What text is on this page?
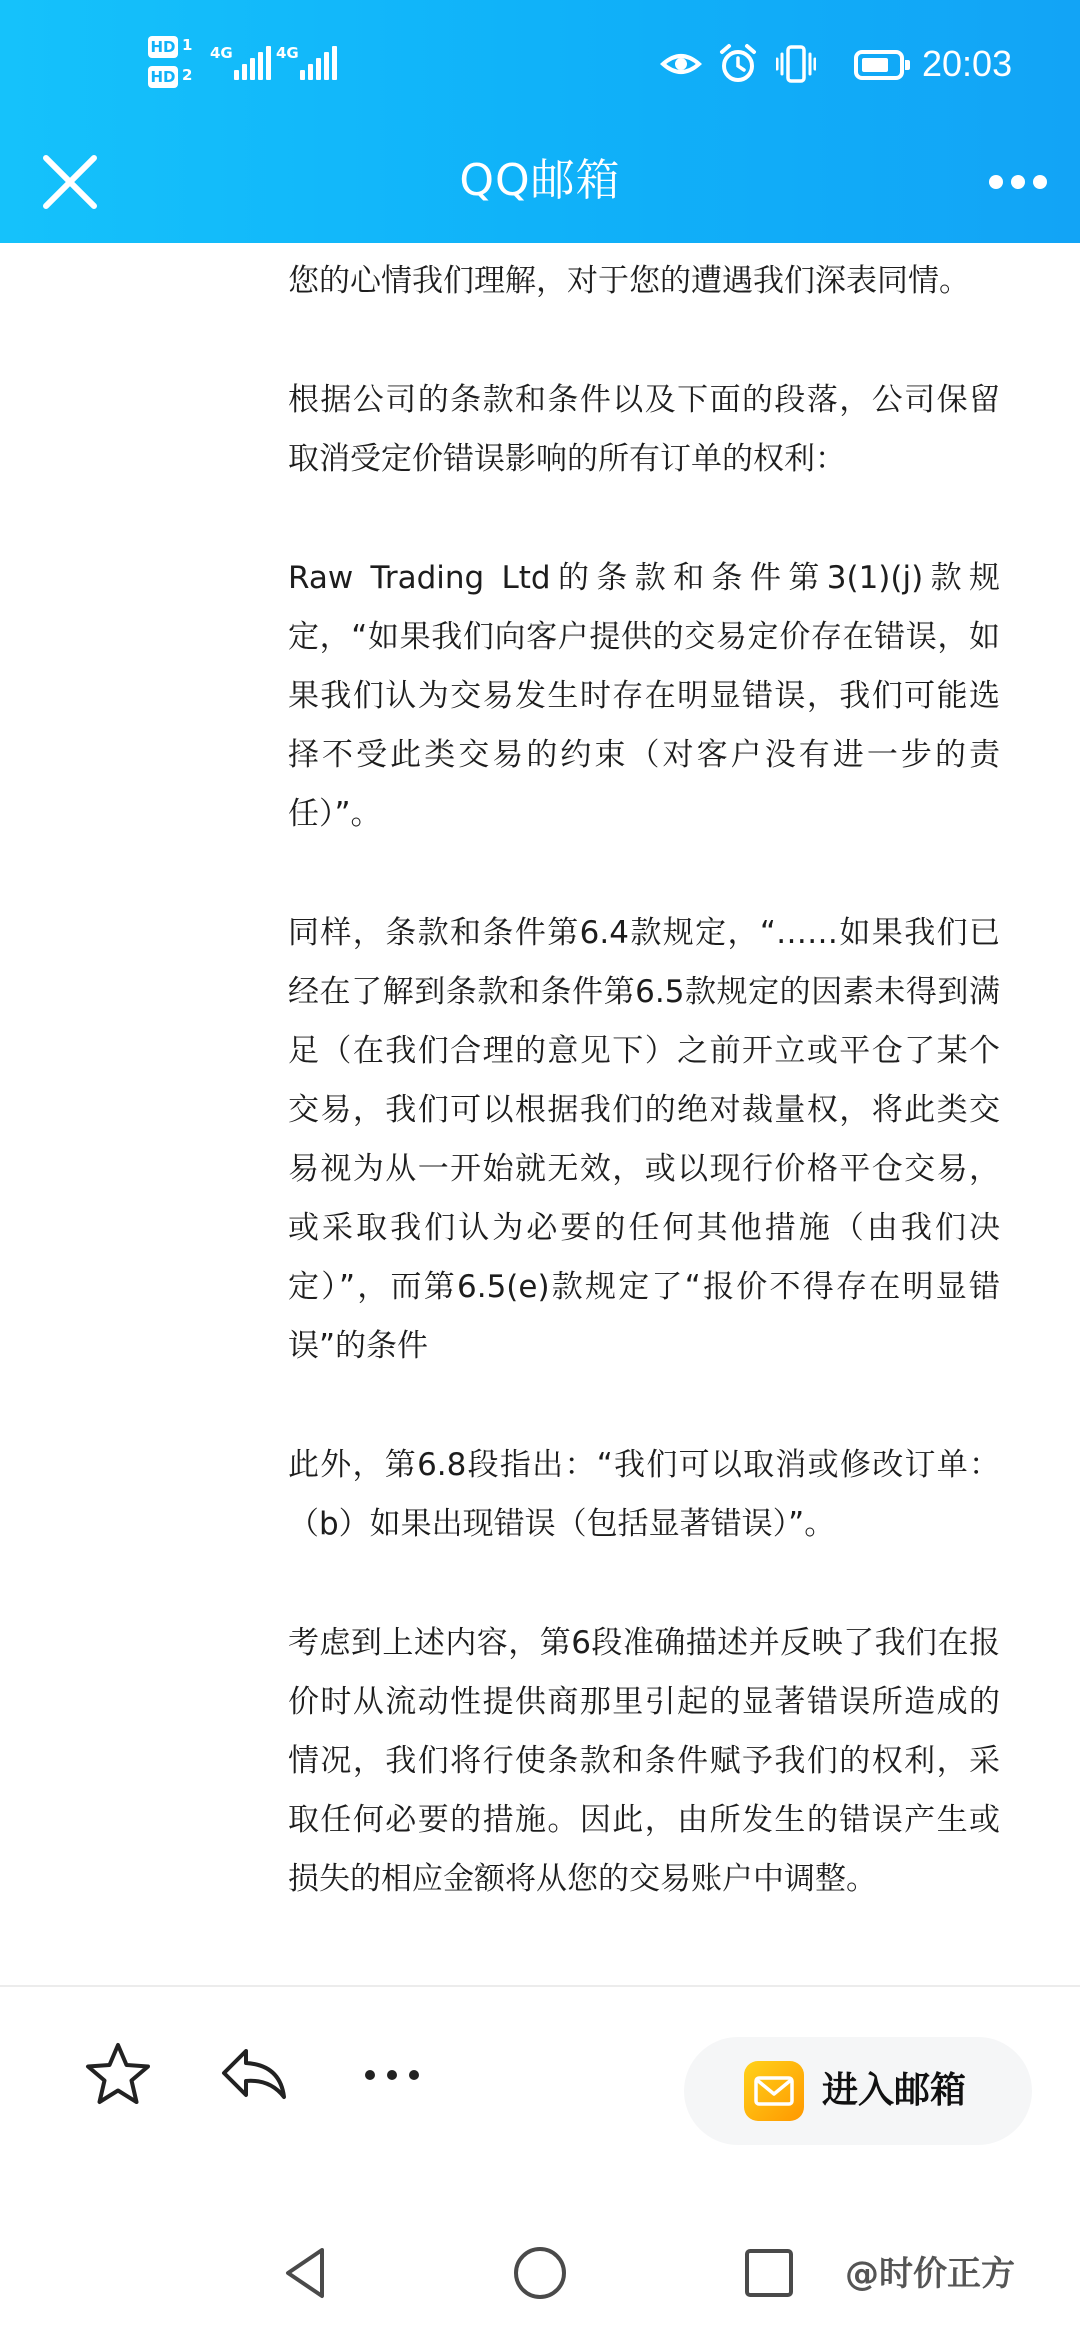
HD 1
HD 2
4G	4G	20:03
QQ邮箱

您的心情我们理解，对于您的遭遇我们深表同情。

根据公司的条款和条件以及下面的段落，公司保留取消受定价错误影响的所有订单的权利：

Raw Trading Ltd的条款和条件第3(1)(j)款规定，“如果我们向客户提供的交易定价存在错误，如果我们认为交易发生时存在明显错误，我们可能选择不受此类交易的约束（对客户没有进一步的责任）”。

同样，条款和条件第6.4款规定，“……如果我们已经在了解到条款和条件第6.5款规定的因素未得到满足（在我们合理的意见下）之前开立或平仓了某个交易，我们可以根据我们的绝对裁量权，将此类交易视为从一开始就无效，或以现行价格平仓交易，或采取我们认为必要的任何其他措施（由我们决定）”，而第6.5(e)款规定了“报价不得存在明显错误”的条件

此外，第6.8段指出：“我们可以取消或修改订单：（b）如果出现错误（包括显著错误）”。

考虑到上述内容，第6段准确描述并反映了我们在报价时从流动性提供商那里引起的显著错误所造成的情况，我们将行使条款和条件赋予我们的权利，采取任何必要的措施。因此，由所发生的错误产生或损失的相应金额将从您的交易账户中调整。

进入邮箱
@时价正方
